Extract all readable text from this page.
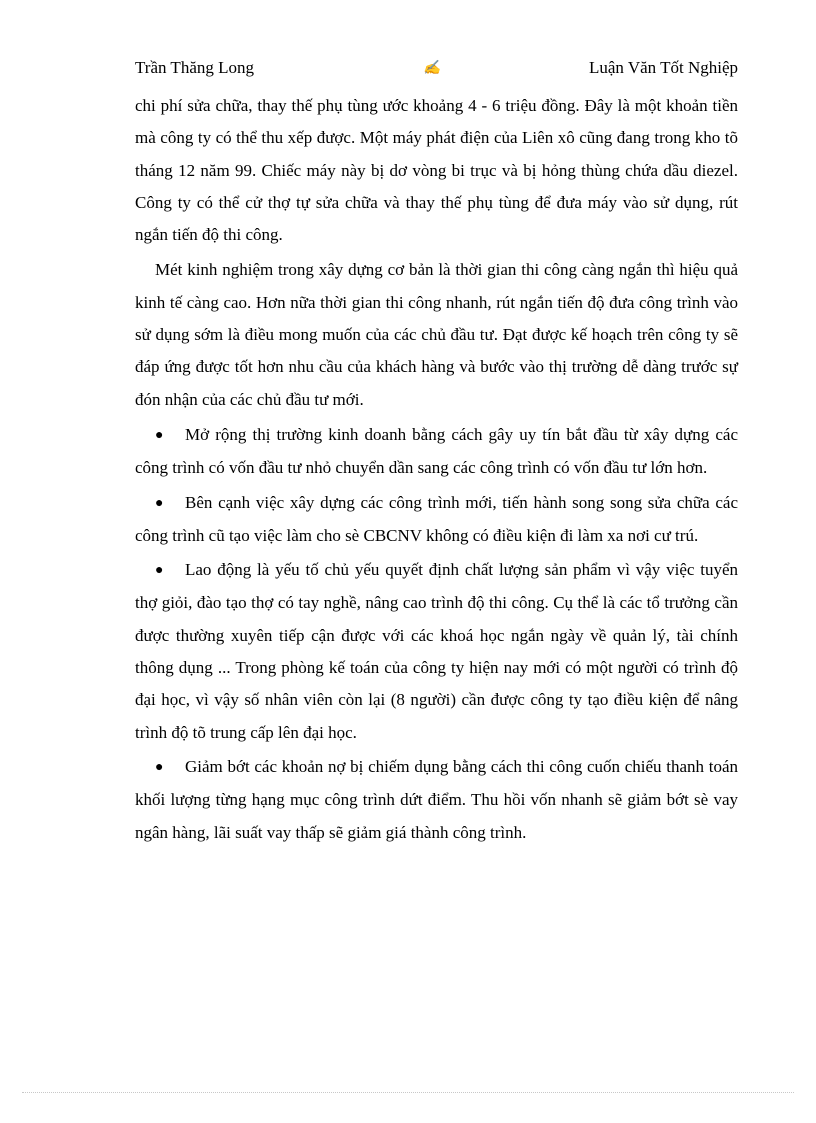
Trần Thăng Long	✍	Luận Văn Tốt Nghiệp

chi phí sửa chữa, thay thế phụ tùng ước khoảng 4 - 6 triệu đồng. Đây là một khoản tiền mà công ty có thể thu xếp được. Một máy phát điện của Liên xô cũng đang trong kho tõ tháng 12 năm 99. Chiếc máy này bị dơ vòng bi trục và bị hỏng thùng chứa dầu diezel. Công ty có thể cử thợ tự sửa chữa và thay thế phụ tùng để đưa máy vào sử dụng, rút ngắn tiến độ thi công.

Mét kinh nghiệm trong xây dựng cơ bản là thời gian thi công càng ngắn thì hiệu quả kinh tế càng cao. Hơn nữa thời gian thi công nhanh, rút ngắn tiến độ đưa công trình vào sử dụng sớm là điều mong muốn của các chủ đầu tư. Đạt được kế hoạch trên công ty sẽ đáp ứng được tốt hơn nhu cầu của khách hàng và bước vào thị trường dễ dàng trước sự đón nhận của các chủ đầu tư mới.

● Mở rộng thị trường kinh doanh bằng cách gây uy tín bắt đầu từ xây dựng các công trình có vốn đầu tư nhỏ chuyển dần sang các công trình có vốn đầu tư lớn hơn.

● Bên cạnh việc xây dựng các công trình mới, tiến hành song song sửa chữa các công trình cũ tạo việc làm cho sè CBCNV không có điều kiện đi làm xa nơi cư trú.

● Lao động là yếu tố chủ yếu quyết định chất lượng sản phẩm vì vậy việc tuyển thợ giỏi, đào tạo thợ có tay nghề, nâng cao trình độ thi công. Cụ thể là các tổ trưởng cần được thường xuyên tiếp cận được với các khoá học ngắn ngày về quản lý, tài chính thông dụng ... Trong phòng kế toán của công ty hiện nay mới có một người có trình độ đại học, vì vậy số nhân viên còn lại (8 người) cần được công ty tạo điều kiện để nâng trình độ tõ trung cấp lên đại học.

● Giảm bớt các khoản nợ bị chiếm dụng bằng cách thi công cuốn chiếu thanh toán khối lượng từng hạng mục công trình dứt điểm. Thu hồi vốn nhanh sẽ giảm bớt sè vay ngân hàng, lãi suất vay thấp sẽ giảm giá thành công trình.
